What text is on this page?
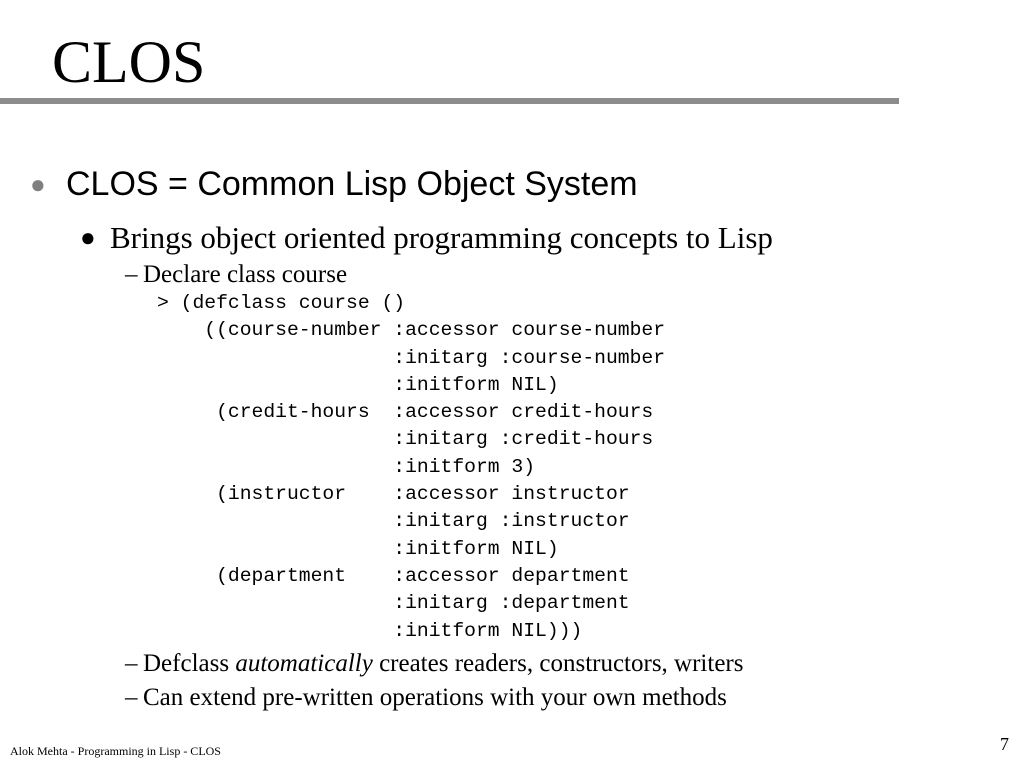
CLOS
● CLOS = Common Lisp Object System
● Brings object oriented programming concepts to Lisp
– Declare class course
> (defclass course ()
((course-number :accessor course-number
:initarg :course-number
:initform NIL)
(credit-hours  :accessor credit-hours
:initarg :credit-hours
:initform 3)
(instructor    :accessor instructor
:initarg :instructor
:initform NIL)
(department    :accessor department
:initarg :department
:initform NIL)))
– Defclass automatically creates readers, constructors, writers
– Can extend pre-written operations with your own methods
Alok Mehta - Programming in Lisp - CLOS	7
